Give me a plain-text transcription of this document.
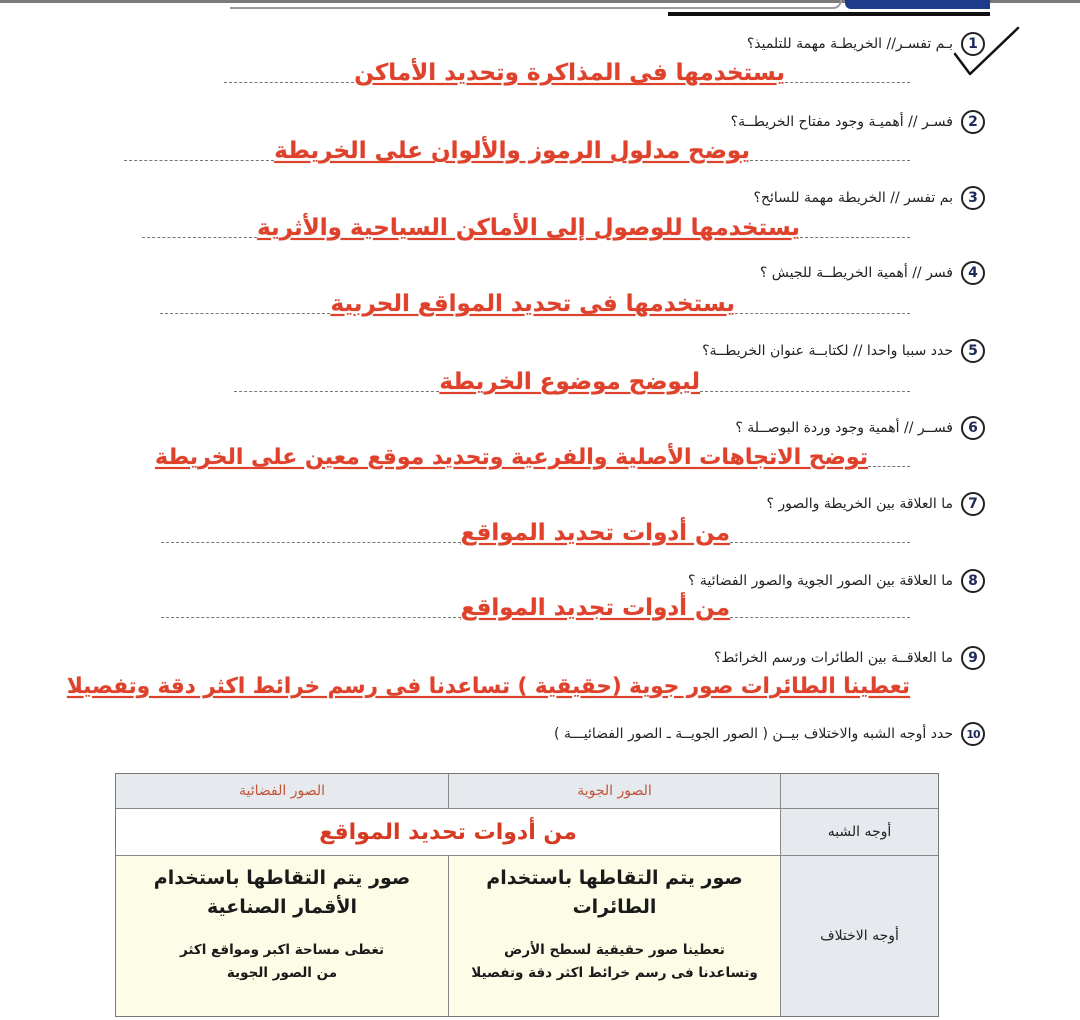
1
بـم تفسـر// الخريطـة مهمة للتلميذ؟
يستخدمها فى المذاكرة وتحديد الأماكن
2
فسـر // أهميـة وجود مفتاح الخريطــة؟
يوضح مدلول الرموز والألوان على الخريطة
3
بم تفسر // الخريطة مهمة للسائح؟
يستخدمها للوصول إلى الأماكن السياحية والأثرية
4
فسر // أهمية الخريطــة للجيش ؟
يستخدمها فى تحديد المواقع الحربية
5
حدد سببا واحدا // لكتابــة عنوان الخريطــة؟
ليوضح موضوع الخريطة
6
فســر // أهمية وجود وردة البوصــلة ؟
توضح الاتجاهات الأصلية والفرعية وتحديد موقع معين على الخريطة
7
ما العلاقة بين الخريطة والصور ؟
من أدوات تحديد المواقع
8
ما العلاقة بين الصور الجوية والصور الفضائية ؟
من أدوات تجديد المواقع
9
ما العلاقــة بين الطائرات ورسم الخرائط؟
تعطينا الطائرات صور جوية (حقيقية ) تساعدنا فى رسم خرائط اكثر دقة وتفصيلا
10
حدد أوجه الشبه والاختلاف بيــن ( الصور الجويــة ـ الصور الفضائيـــة )
الصور الجوية
الصور الفضائية
أوجه الشبه
من أدوات تحديد المواقع
أوجه الاختلاف
صور يتم التقاطها باستخدام الطائرات
تعطينا صور حقيقية لسطح الأرض
وتساعدنا فى رسم خرائط اكثر دقة وتفصيلا
صور يتم التقاطها باستخدام الأقمار الصناعية
تغطى مساحة اكبر ومواقع اكثر
من الصور الجوية
